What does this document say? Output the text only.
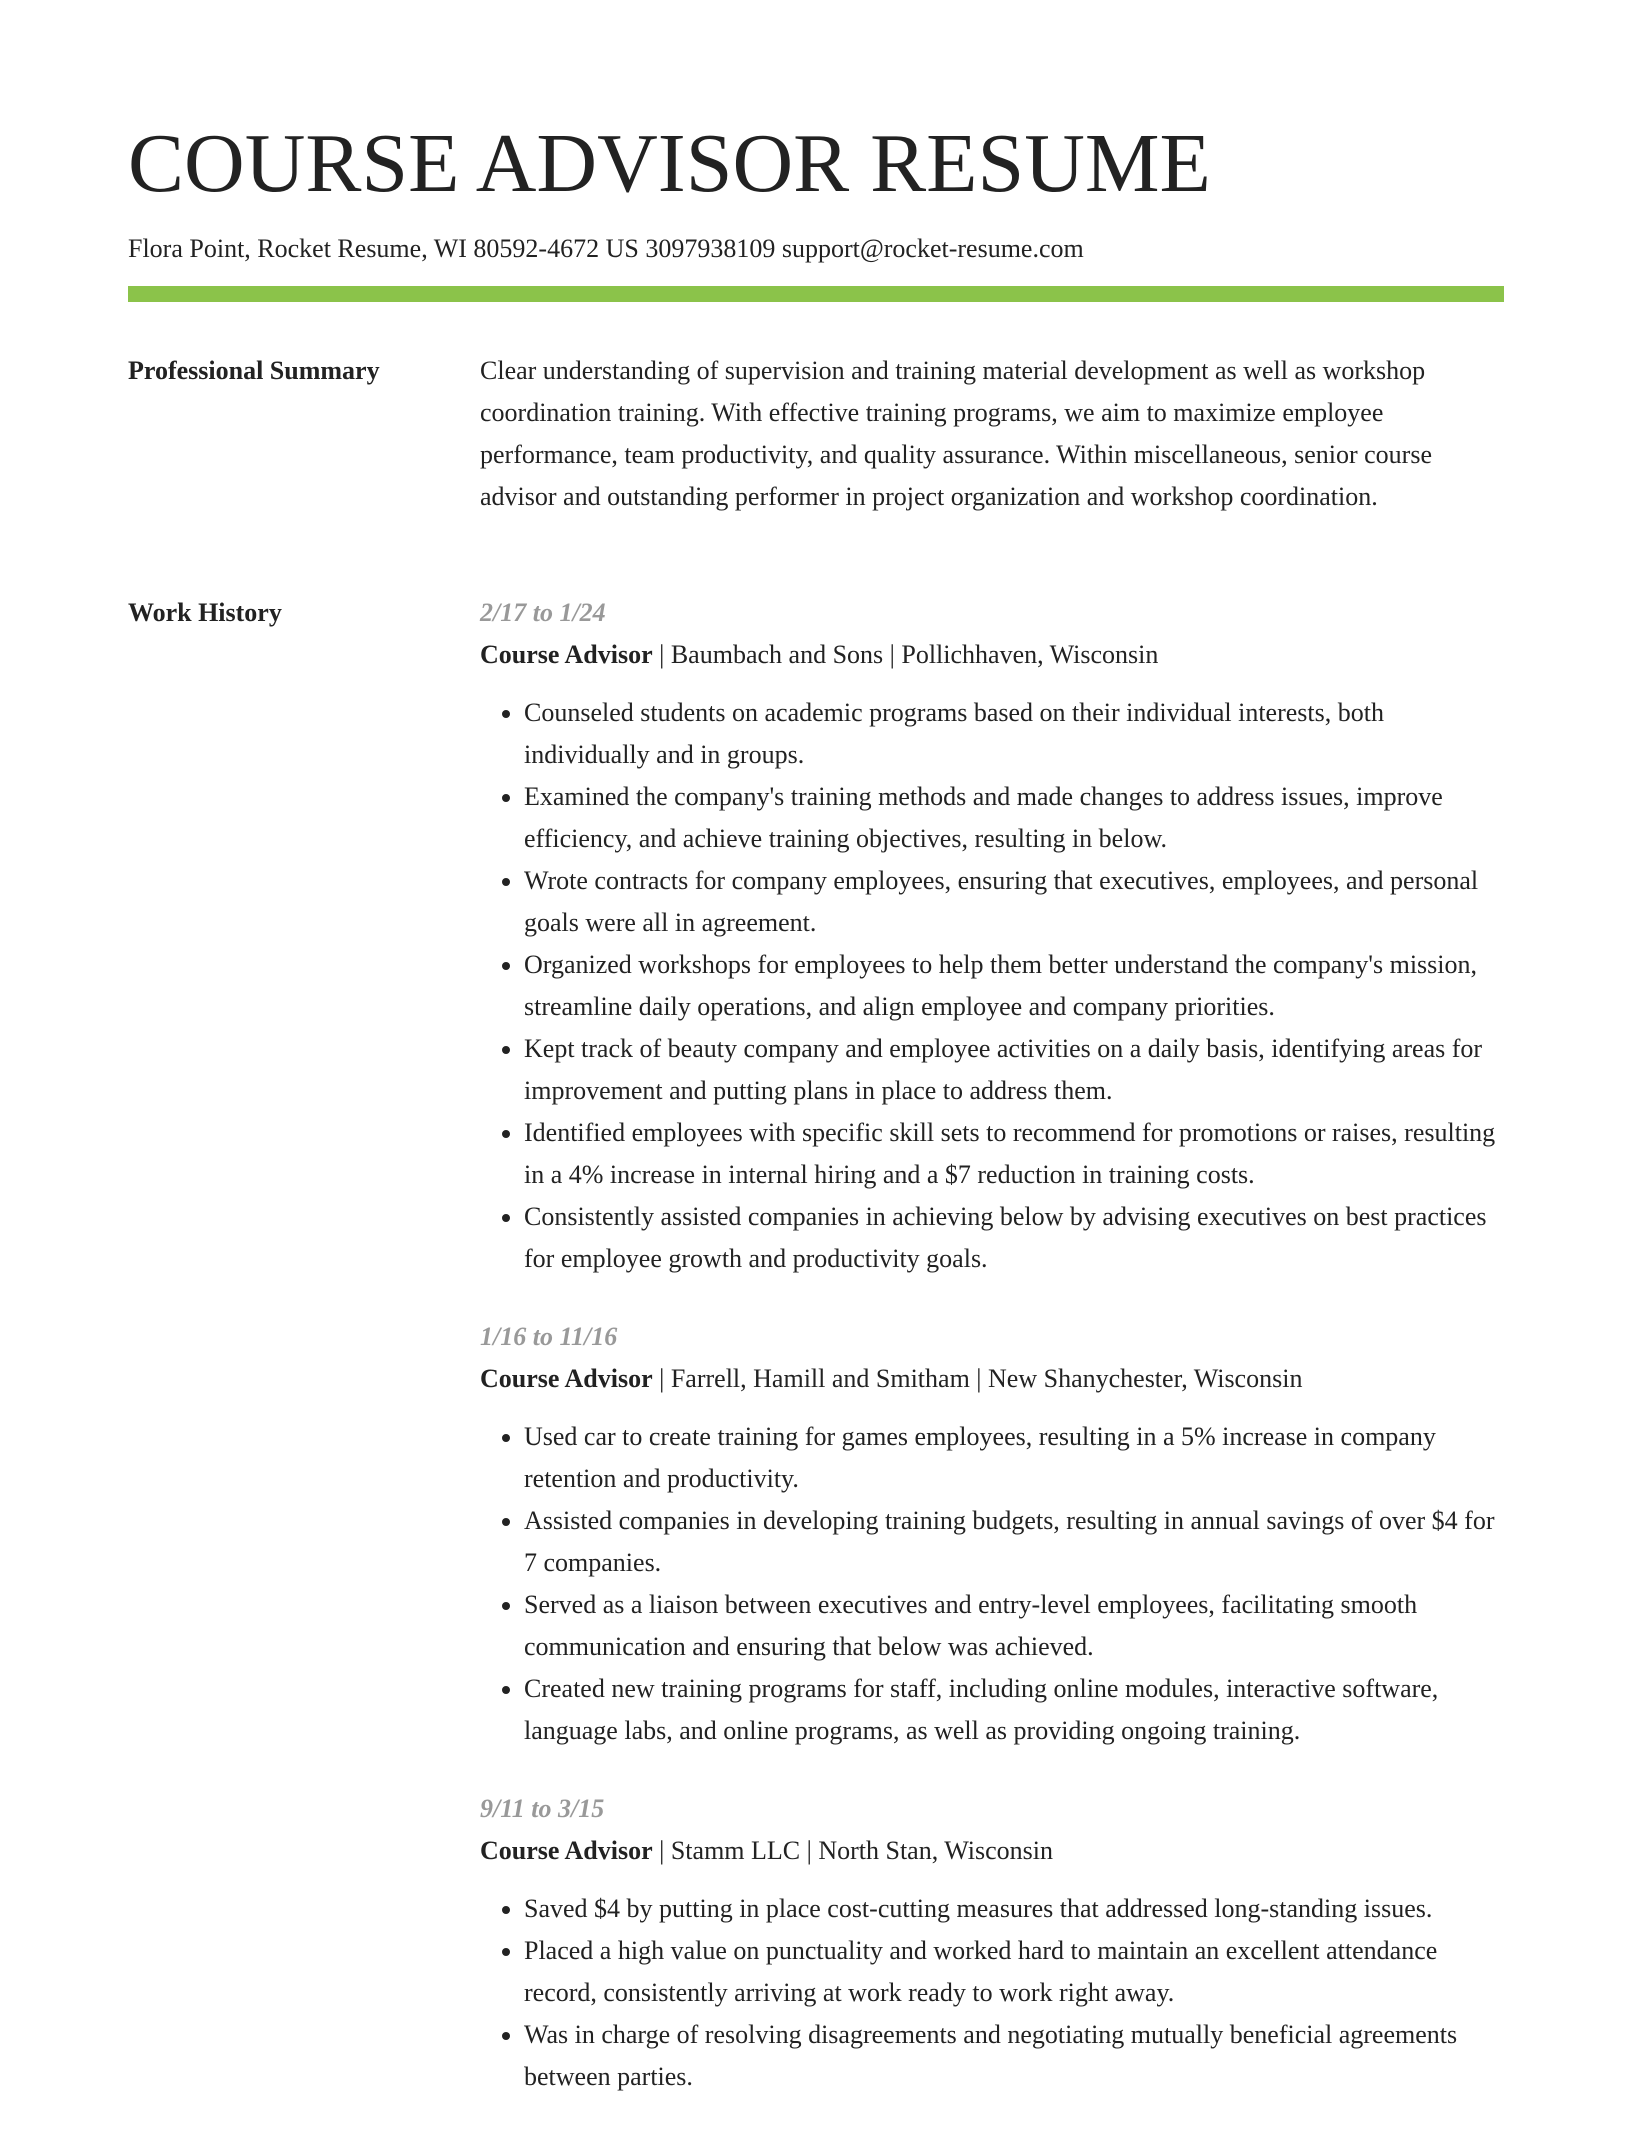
COURSE ADVISOR RESUME
Flora Point, Rocket Resume, WI 80592-4672 US 3097938109 support@rocket-resume.com
Professional Summary	Clear understanding of supervision and training material development as well as workshop coordination training. With effective training programs, we aim to maximize employee performance, team productivity, and quality assurance. Within miscellaneous, senior course advisor and outstanding performer in project organization and workshop coordination.

Work History	2/17 to 1/24
Course Advisor | Baumbach and Sons | Pollichhaven, Wisconsin
• Counseled students on academic programs based on their individual interests, both individually and in groups.
• Examined the company's training methods and made changes to address issues, improve efficiency, and achieve training objectives, resulting in below.
• Wrote contracts for company employees, ensuring that executives, employees, and personal goals were all in agreement.
• Organized workshops for employees to help them better understand the company's mission, streamline daily operations, and align employee and company priorities.
• Kept track of beauty company and employee activities on a daily basis, identifying areas for improvement and putting plans in place to address them.
• Identified employees with specific skill sets to recommend for promotions or raises, resulting in a 4% increase in internal hiring and a $7 reduction in training costs.
• Consistently assisted companies in achieving below by advising executives on best practices for employee growth and productivity goals.
1/16 to 11/16
Course Advisor | Farrell, Hamill and Smitham | New Shanychester, Wisconsin
• Used car to create training for games employees, resulting in a 5% increase in company retention and productivity.
• Assisted companies in developing training budgets, resulting in annual savings of over $4 for 7 companies.
• Served as a liaison between executives and entry-level employees, facilitating smooth communication and ensuring that below was achieved.
• Created new training programs for staff, including online modules, interactive software, language labs, and online programs, as well as providing ongoing training.
9/11 to 3/15
Course Advisor | Stamm LLC | North Stan, Wisconsin
• Saved $4 by putting in place cost-cutting measures that addressed long-standing issues.
• Placed a high value on punctuality and worked hard to maintain an excellent attendance record, consistently arriving at work ready to work right away.
• Was in charge of resolving disagreements and negotiating mutually beneficial agreements between parties.
